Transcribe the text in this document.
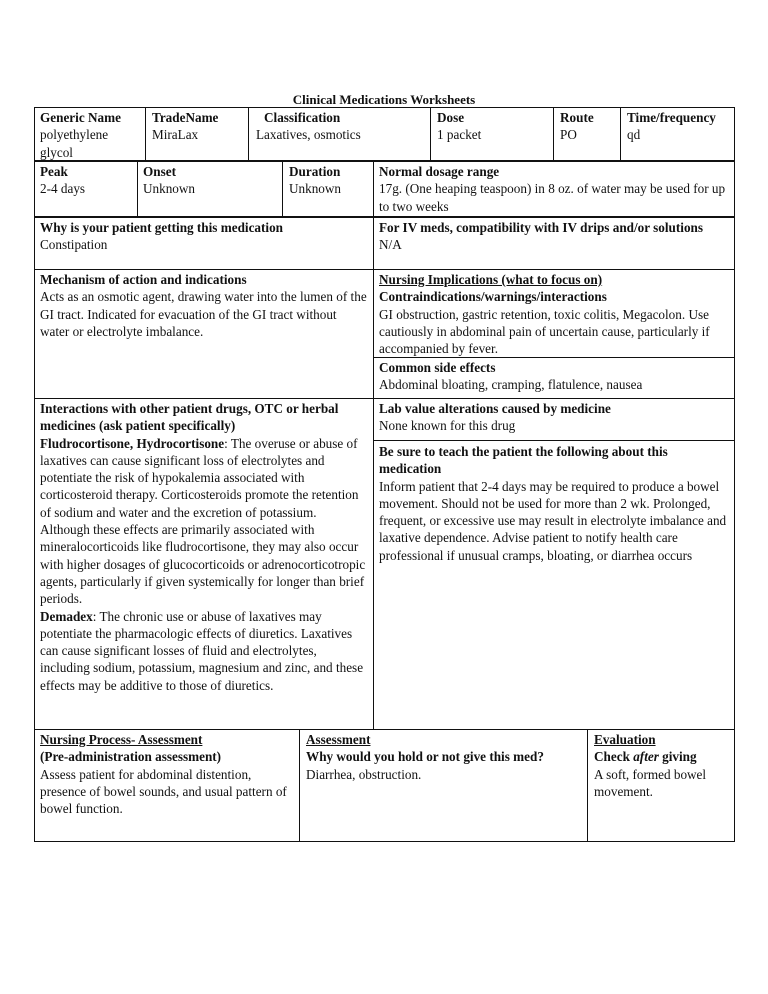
Clinical Medications Worksheets
Generic Name
polyethylene glycol
TradeName
MiraLax
Classification
Laxatives, osmotics
Dose
1 packet
Route
PO
Time/frequency
qd
Peak
2-4 days
Onset
Unknown
Duration
Unknown
Normal dosage range
17g. (One heaping teaspoon) in 8 oz. of water may be used for up to two weeks
Why is your patient getting this medication
Constipation
For IV meds, compatibility with IV drips and/or solutions
N/A
Mechanism of action and indications
Acts as an osmotic agent, drawing water into the lumen of the GI tract. Indicated for evacuation of the GI tract without water or electrolyte imbalance.
Nursing Implications (what to focus on)
Contraindications/warnings/interactions
GI obstruction, gastric retention, toxic colitis, Megacolon. Use cautiously in abdominal pain of uncertain cause, particularly if accompanied by fever.
Common side effects
Abdominal bloating, cramping, flatulence, nausea
Interactions with other patient drugs, OTC or herbal medicines (ask patient specifically)

Fludrocortisone, Hydrocortisone: The overuse or abuse of laxatives can cause significant loss of electrolytes and potentiate the risk of hypokalemia associated with corticosteroid therapy. Corticosteroids promote the retention of sodium and water and the excretion of potassium. Although these effects are primarily associated with mineralocorticoids like fludrocortisone, they may also occur with higher dosages of glucocorticoids or adrenocorticotropic agents, particularly if given systemically for longer than brief periods.

Demadex: The chronic use or abuse of laxatives may potentiate the pharmacologic effects of diuretics. Laxatives can cause significant losses of fluid and electrolytes, including sodium, potassium, magnesium and zinc, and these effects may be additive to those of diuretics.

Lab value alterations caused by medicine
None known for this drug
Be sure to teach the patient the following about this medication
Inform patient that 2-4 days may be required to produce a bowel movement. Should not be used for more than 2 wk. Prolonged, frequent, or excessive use may result in electrolyte imbalance and laxative dependence. Advise patient to notify health care professional if unusual cramps, bloating, or diarrhea occurs
Nursing Process- Assessment
(Pre-administration assessment)
Assess patient for abdominal distention, presence of bowel sounds, and usual pattern of bowel function.
Assessment
Why would you hold or not give this med?
Diarrhea, obstruction.
Evaluation
Check after giving
A soft, formed bowel movement.
